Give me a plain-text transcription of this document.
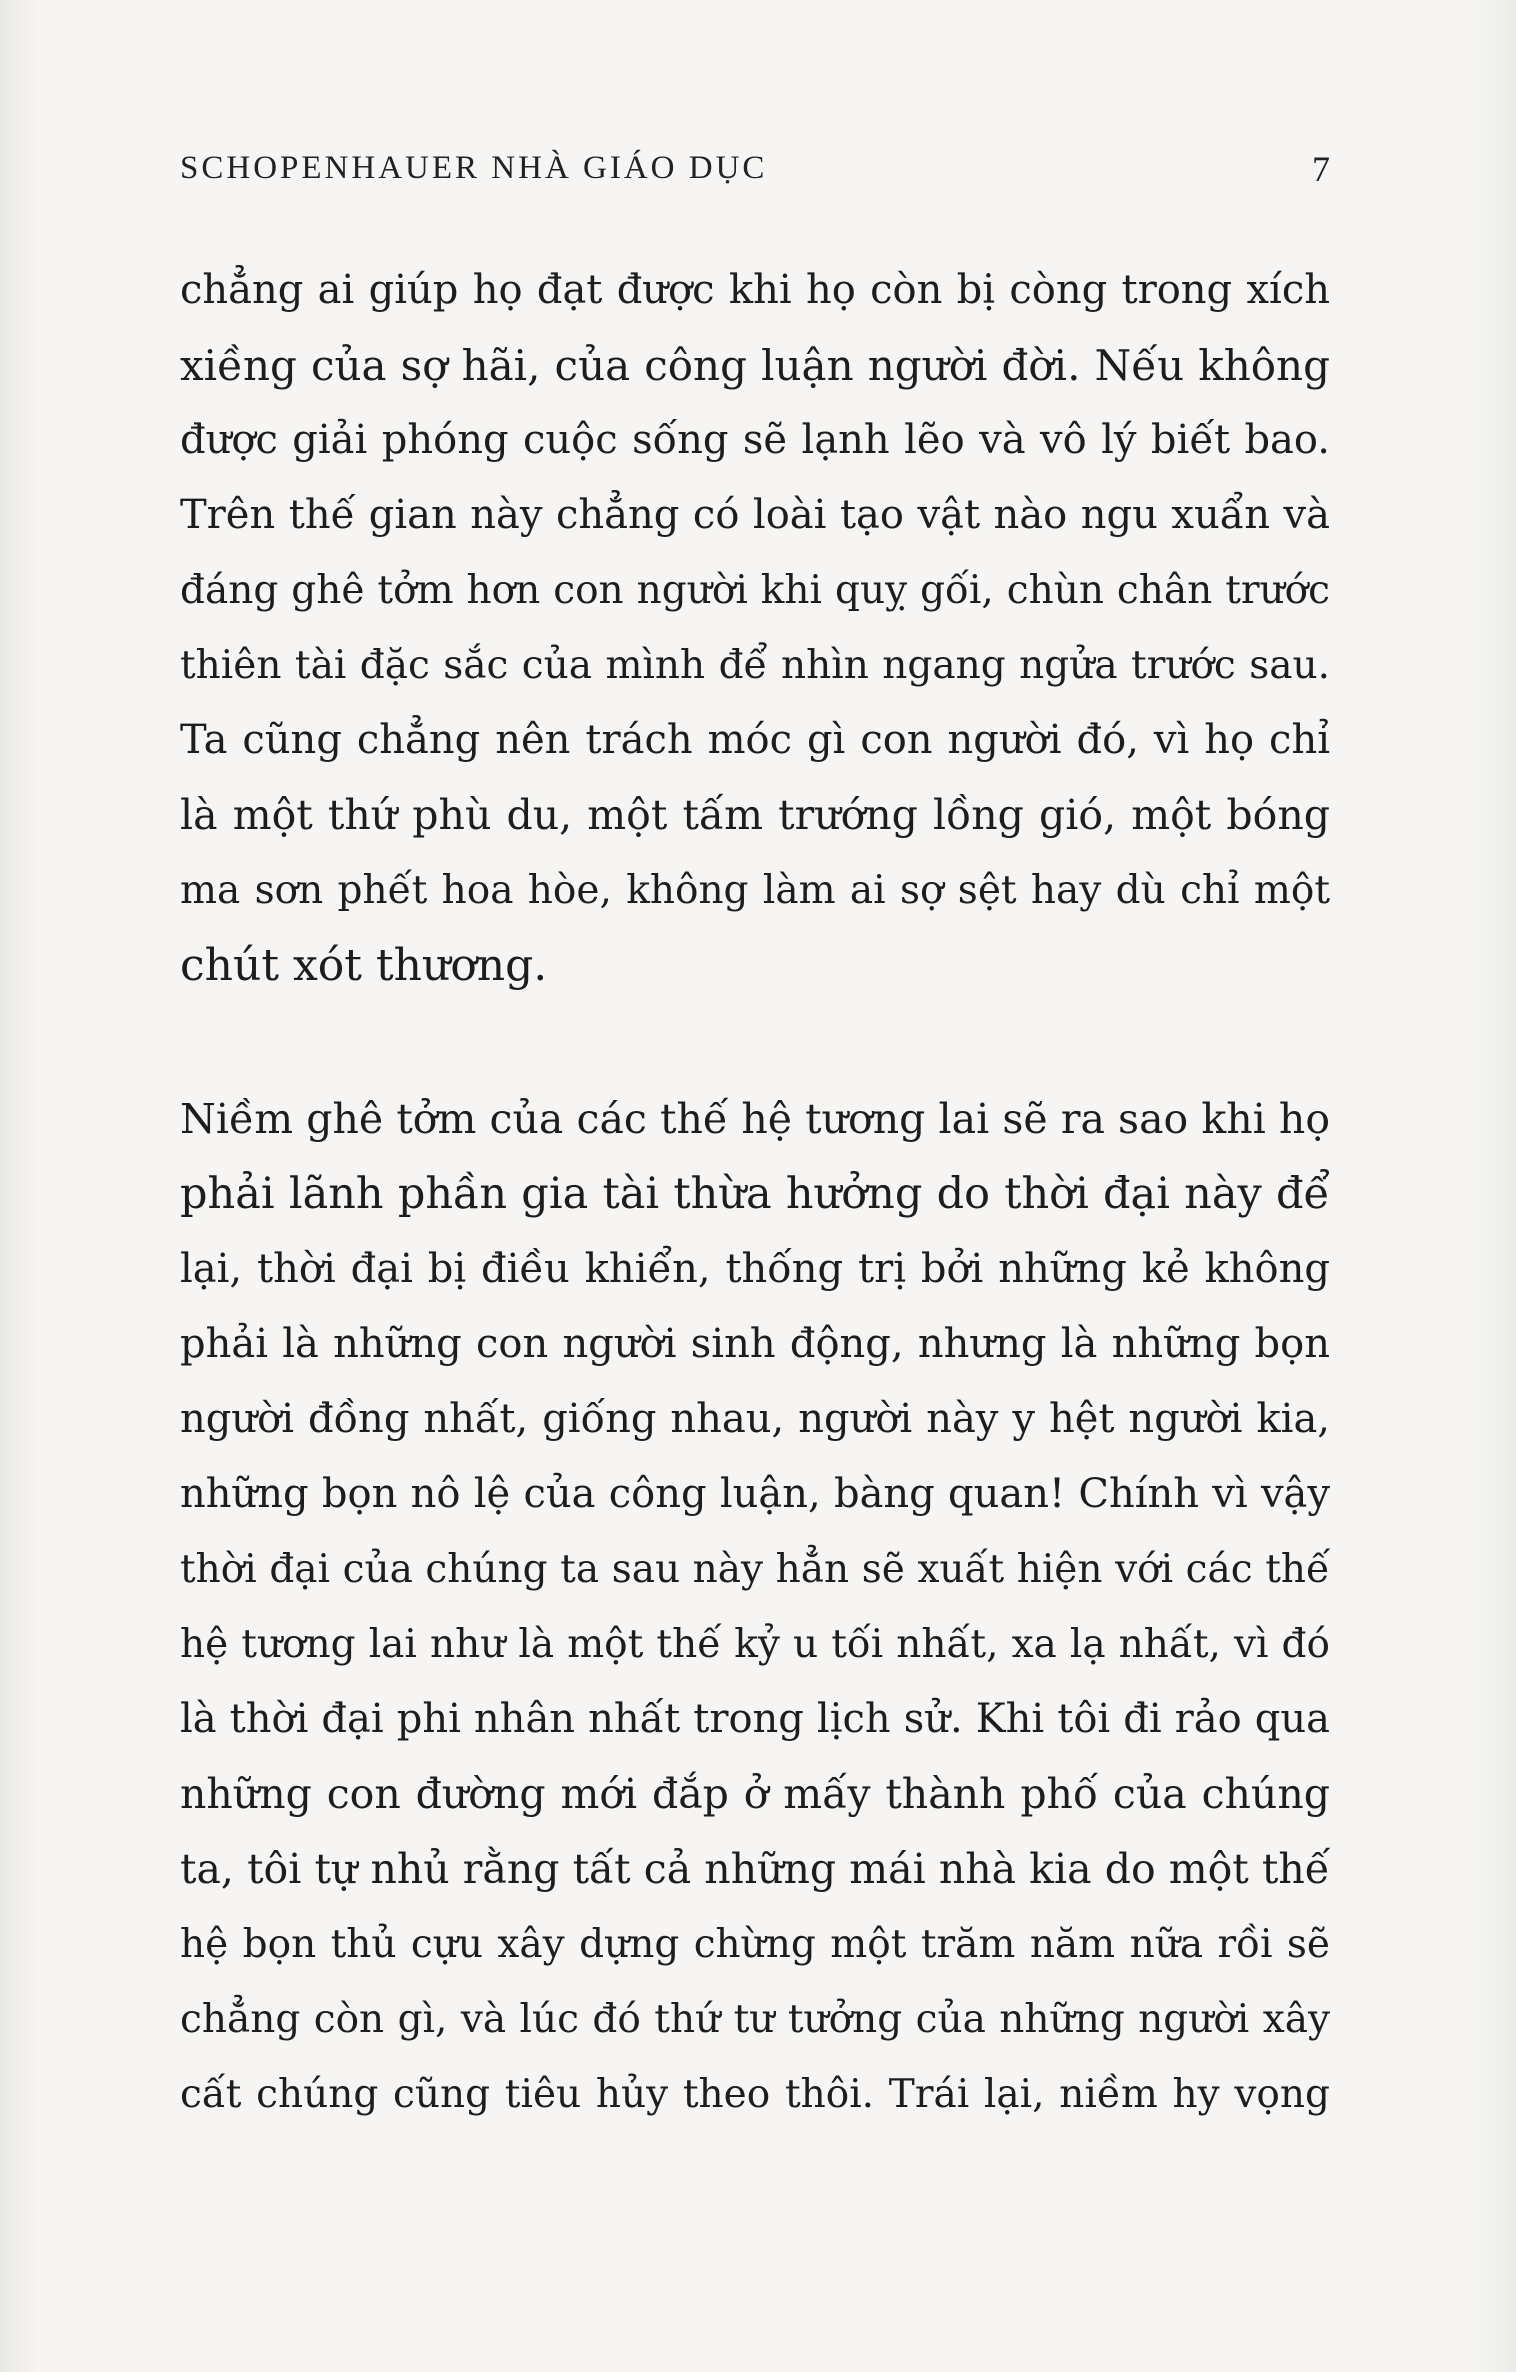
SCHOPENHAUER NHÀ GIÁO DỤC	7
chẳng ai giúp họ đạt được khi họ còn bị còng trong xích
xiềng của sợ hãi, của công luận người đời. Nếu không
được giải phóng cuộc sống sẽ lạnh lẽo và vô lý biết bao.
Trên thế gian này chẳng có loài tạo vật nào ngu xuẩn và
đáng ghê tởm hơn con người khi quỵ gối, chùn chân trước
thiên tài đặc sắc của mình để nhìn ngang ngửa trước sau.
Ta cũng chẳng nên trách móc gì con người đó, vì họ chỉ
là một thứ phù du, một tấm trướng lồng gió, một bóng
ma sơn phết hoa hòe, không làm ai sợ sệt hay dù chỉ một
chút xót thương.
Niềm ghê tởm của các thế hệ tương lai sẽ ra sao khi họ
phải lãnh phần gia tài thừa hưởng do thời đại này để
lại, thời đại bị điều khiển, thống trị bởi những kẻ không
phải là những con người sinh động, nhưng là những bọn
người đồng nhất, giống nhau, người này y hệt người kia,
những bọn nô lệ của công luận, bàng quan! Chính vì vậy
thời đại của chúng ta sau này hẳn sẽ xuất hiện với các thế
hệ tương lai như là một thế kỷ u tối nhất, xa lạ nhất, vì đó
là thời đại phi nhân nhất trong lịch sử. Khi tôi đi rảo qua
những con đường mới đắp ở mấy thành phố của chúng
ta, tôi tự nhủ rằng tất cả những mái nhà kia do một thế
hệ bọn thủ cựu xây dựng chừng một trăm năm nữa rồi sẽ
chẳng còn gì, và lúc đó thứ tư tưởng của những người xây
cất chúng cũng tiêu hủy theo thôi. Trái lại, niềm hy vọng
